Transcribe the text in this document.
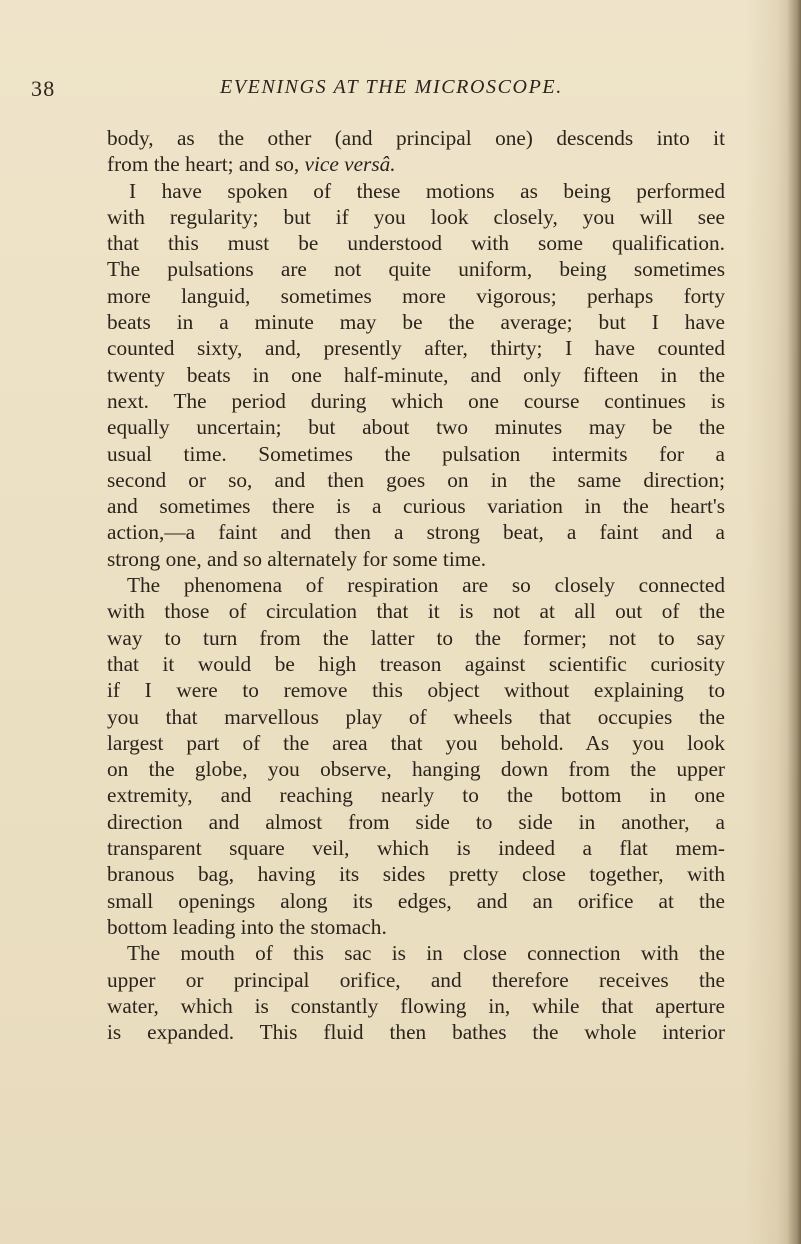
38	EVENINGS AT THE MICROSCOPE.
body, as the other (and principal one) descends into it
from the heart; and so, vice versâ.
I have spoken of these motions as being performed
with regularity; but if you look closely, you will see
that this must be understood with some qualification.
The pulsations are not quite uniform, being sometimes
more languid, sometimes more vigorous; perhaps forty
beats in a minute may be the average; but I have
counted sixty, and, presently after, thirty; I have counted
twenty beats in one half-minute, and only fifteen in the
next. The period during which one course continues is
equally uncertain; but about two minutes may be the
usual time. Sometimes the pulsation intermits for a
second or so, and then goes on in the same direction;
and sometimes there is a curious variation in the heart's
action,—a faint and then a strong beat, a faint and a
strong one, and so alternately for some time.
The phenomena of respiration are so closely connected
with those of circulation that it is not at all out of the
way to turn from the latter to the former; not to say
that it would be high treason against scientific curiosity
if I were to remove this object without explaining to
you that marvellous play of wheels that occupies the
largest part of the area that you behold. As you look
on the globe, you observe, hanging down from the upper
extremity, and reaching nearly to the bottom in one
direction and almost from side to side in another, a
transparent square veil, which is indeed a flat mem-
branous bag, having its sides pretty close together, with
small openings along its edges, and an orifice at the
bottom leading into the stomach.
The mouth of this sac is in close connection with the
upper or principal orifice, and therefore receives the
water, which is constantly flowing in, while that aperture
is expanded. This fluid then bathes the whole interior
